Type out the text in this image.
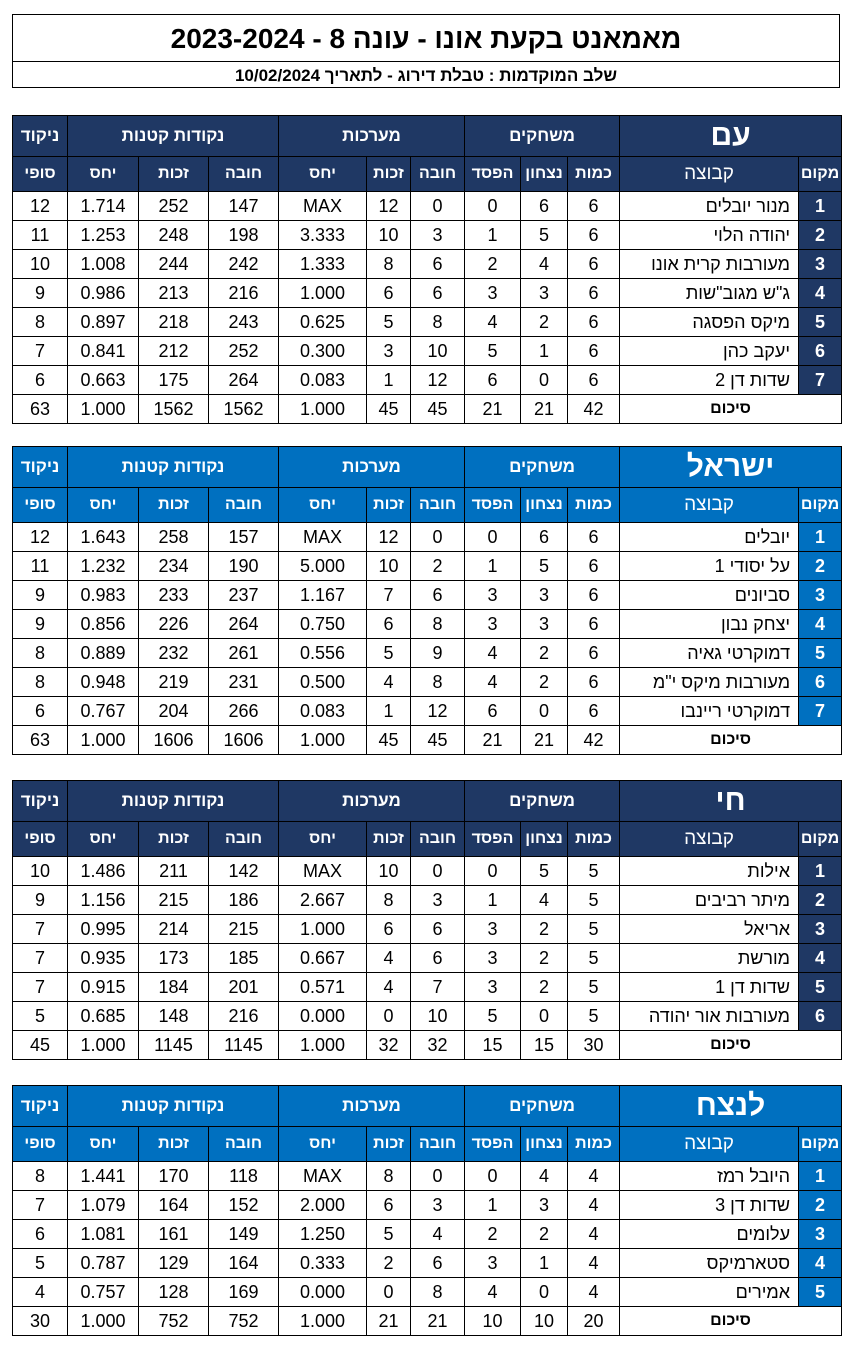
מאמאנט בקעת אונו - עונה 8 - 2023-2024
שלב המוקדמות : טבלת דירוג - לתאריך 10/02/2024
עם		משחקים			מערכות			נקודות קטנות			ניקוד
מקום	קבוצה	כמות	נצחון	הפסד	חובה	זכות	יחס	חובה	זכות	יחס	סופי
1	מנור יובלים	6	6	0	0	12	MAX	147	252	1.714	12
2	יהודה הלוי	6	5	1	3	10	3.333	198	248	1.253	11
3	מעורבות קרית אונו	6	4	2	6	8	1.333	242	244	1.008	10
4	ג"ש מגוב"שות	6	3	3	6	6	1.000	216	213	0.986	9
5	מיקס הפסגה	6	2	4	8	5	0.625	243	218	0.897	8
6	יעקב כהן	6	1	5	10	3	0.300	252	212	0.841	7
7	שדות דן 2	6	0	6	12	1	0.083	264	175	0.663	6
סיכום		42	21	21	45	45	1.000	1562	1562	1.000	63
ישראל		משחקים			מערכות			נקודות קטנות			ניקוד
מקום	קבוצה	כמות	נצחון	הפסד	חובה	זכות	יחס	חובה	זכות	יחס	סופי
1	יובלים	6	6	0	0	12	MAX	157	258	1.643	12
2	על יסודי 1	6	5	1	2	10	5.000	190	234	1.232	11
3	סביונים	6	3	3	6	7	1.167	237	233	0.983	9
4	יצחק נבון	6	3	3	8	6	0.750	264	226	0.856	9
5	דמוקרטי גאיה	6	2	4	9	5	0.556	261	232	0.889	8
6	מעורבות מיקס י"מ	6	2	4	8	4	0.500	231	219	0.948	8
7	דמוקרטי ריינבו	6	0	6	12	1	0.083	266	204	0.767	6
סיכום		42	21	21	45	45	1.000	1606	1606	1.000	63
חי		משחקים			מערכות			נקודות קטנות			ניקוד
מקום	קבוצה	כמות	נצחון	הפסד	חובה	זכות	יחס	חובה	זכות	יחס	סופי
1	אילות	5	5	0	0	10	MAX	142	211	1.486	10
2	מיתר רביבים	5	4	1	3	8	2.667	186	215	1.156	9
3	אריאל	5	2	3	6	6	1.000	215	214	0.995	7
4	מורשת	5	2	3	6	4	0.667	185	173	0.935	7
5	שדות דן 1	5	2	3	7	4	0.571	201	184	0.915	7
6	מעורבות אור יהודה	5	0	5	10	0	0.000	216	148	0.685	5
סיכום		30	15	15	32	32	1.000	1145	1145	1.000	45
לנצח		משחקים			מערכות			נקודות קטנות			ניקוד
מקום	קבוצה	כמות	נצחון	הפסד	חובה	זכות	יחס	חובה	זכות	יחס	סופי
1	היובל רמז	4	4	0	0	8	MAX	118	170	1.441	8
2	שדות דן 3	4	3	1	3	6	2.000	152	164	1.079	7
3	עלומים	4	2	2	4	5	1.250	149	161	1.081	6
4	סטארמיקס	4	1	3	6	2	0.333	164	129	0.787	5
5	אמירים	4	0	4	8	0	0.000	169	128	0.757	4
סיכום		20	10	10	21	21	1.000	752	752	1.000	30
